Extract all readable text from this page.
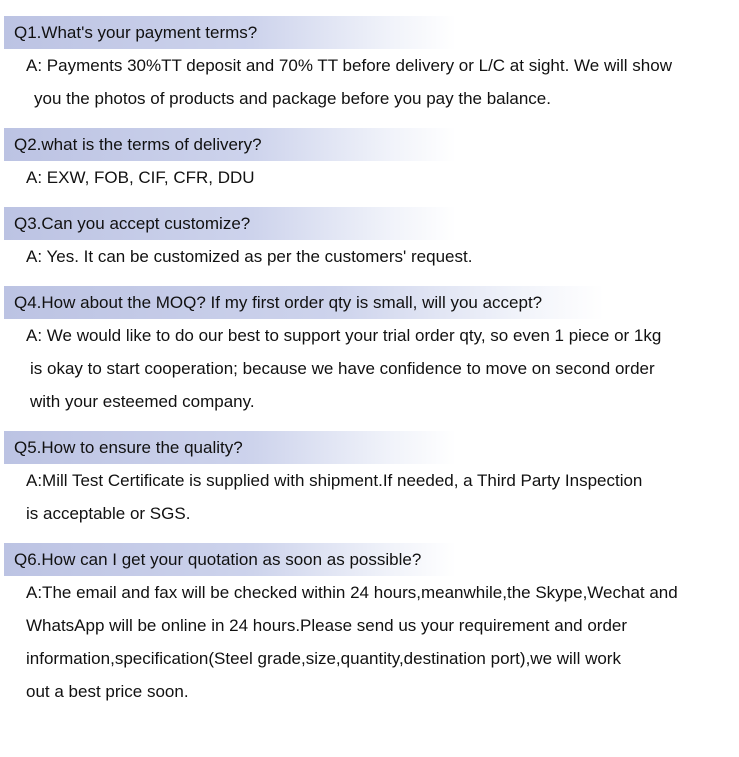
Q1.What's your payment terms?
A: Payments 30%TT deposit and 70% TT before delivery or L/C at sight. We will show
you the photos of products and package before you pay the balance.
Q2.what is the terms of delivery?
A: EXW, FOB, CIF, CFR, DDU
Q3.Can you accept customize?
A: Yes. It can be customized as per the customers' request.
Q4.How about the MOQ? If my first order qty is small, will you accept?
A: We would like to do our best to support your trial order qty, so even 1 piece or 1kg
is okay to start cooperation; because we have confidence to move on second order
with your esteemed company.
Q5.How to ensure the quality?
A:Mill Test Certificate is supplied with shipment.If needed, a Third Party Inspection
is acceptable or SGS.
Q6.How can I get your quotation as soon as possible?
A:The email and fax will be checked within 24 hours,meanwhile,the Skype,Wechat and
WhatsApp will be online in 24 hours.Please send us your requirement and order
information,specification(Steel grade,size,quantity,destination port),we will work
out a best price soon.
